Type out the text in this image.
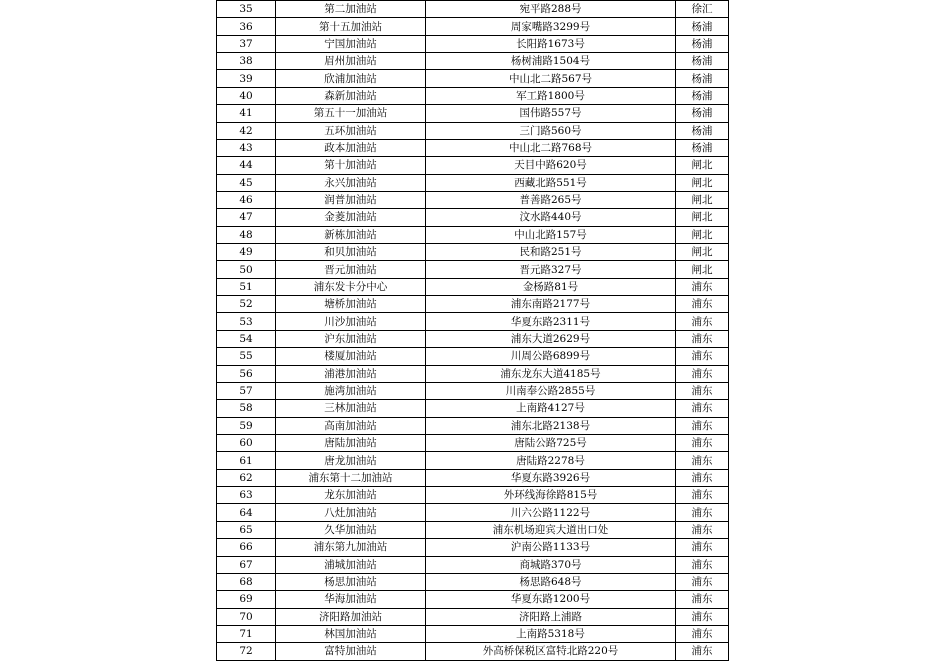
35	第二加油站	宛平路288号	徐汇
36	第十五加油站	周家嘴路3299号	杨浦
37	宁国加油站	长阳路1673号	杨浦
38	眉州加油站	杨树浦路1504号	杨浦
39	欣浦加油站	中山北二路567号	杨浦
40	森新加油站	军工路1800号	杨浦
41	第五十一加油站	国伟路557号	杨浦
42	五环加油站	三门路560号	杨浦
43	政本加油站	中山北二路768号	杨浦
44	第十加油站	天目中路620号	闸北
45	永兴加油站	西藏北路551号	闸北
46	润普加油站	普善路265号	闸北
47	金菱加油站	汶水路440号	闸北
48	新栋加油站	中山北路157号	闸北
49	和贝加油站	民和路251号	闸北
50	晋元加油站	晋元路327号	闸北
51	浦东发卡分中心	金杨路81号	浦东
52	塘桥加油站	浦东南路2177号	浦东
53	川沙加油站	华夏东路2311号	浦东
54	沪东加油站	浦东大道2629号	浦东
55	楼厦加油站	川周公路6899号	浦东
56	浦港加油站	浦东龙东大道4185号	浦东
57	施湾加油站	川南奉公路2855号	浦东
58	三林加油站	上南路4127号	浦东
59	高南加油站	浦东北路2138号	浦东
60	唐陆加油站	唐陆公路725号	浦东
61	唐龙加油站	唐陆路2278号	浦东
62	浦东第十二加油站	华夏东路3926号	浦东
63	龙东加油站	外环线海徐路815号	浦东
64	八灶加油站	川六公路1122号	浦东
65	久华加油站	浦东机场迎宾大道出口处	浦东
66	浦东第九加油站	沪南公路1133号	浦东
67	浦城加油站	商城路370号	浦东
68	杨思加油站	杨思路648号	浦东
69	华海加油站	华夏东路1200号	浦东
70	济阳路加油站	济阳路上浦路	浦东
71	林国加油站	上南路5318号	浦东
72	富特加油站	外高桥保税区富特北路220号	浦东
